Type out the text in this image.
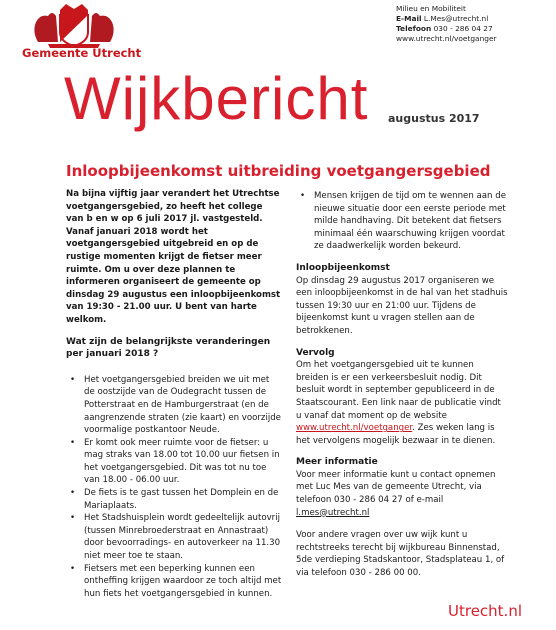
Gemeente Utrecht
Milieu en Mobiliteit
E-Mail L.Mes@utrecht.nl
Telefoon 030 - 286 04 27
www.utrecht.nl/voetganger
Wijkbericht augustus 2017
Inloopbijeenkomst uitbreiding voetgangersgebied

Na bijna vijftig jaar verandert het Utrechtse voetgangersgebied, zo heeft het college van b en w op 6 juli 2017 jl. vastgesteld. Vanaf januari 2018 wordt het voetgangersgebied uitgebreid en op de rustige momenten krijgt de fietser meer ruimte. Om u over deze plannen te informeren organiseert de gemeente op dinsdag 29 augustus een inloopbijeenkomst van 19:30 - 21.00 uur. U bent van harte welkom.

Wat zijn de belangrijkste veranderingen per januari 2018 ?

• Het voetgangersgebied breiden we uit met de oostzijde van de Oudegracht tussen de Potterstraat en de Hamburgerstraat (en de aangrenzende straten (zie kaart) en voorzijde voormalige postkantoor Neude.
• Er komt ook meer ruimte voor de fietser: u mag straks van 18.00 tot 10.00 uur fietsen in het voetgangersgebied. Dit was tot nu toe van 18.00 - 06.00 uur.
• De fiets is te gast tussen het Domplein en de Mariaplaats.
• Het Stadshuisplein wordt gedeeltelijk autovrij (tussen Minrebroederstraat en Annastraat) door bevoorradings- en autoverkeer na 11.30 niet meer toe te staan.
• Fietsers met een beperking kunnen een ontheffing krijgen waardoor ze toch altijd met hun fiets het voetgangersgebied in kunnen.
• Mensen krijgen de tijd om te wennen aan de nieuwe situatie door een eerste periode met milde handhaving. Dit betekent dat fietsers minimaal één waarschuwing krijgen voordat ze daadwerkelijk worden bekeurd.

Inloopbijeenkomst

Op dinsdag 29 augustus 2017 organiseren we een inloopbijeenkomst in de hal van het stadhuis tussen 19:30 uur en 21:00 uur. Tijdens de bijeenkomst kunt u vragen stellen aan de betrokkenen.

Vervolg

Om het voetgangersgebied uit te kunnen breiden is er een verkeersbesluit nodig. Dit besluit wordt in september gepubliceerd in de Staatscourant. Een link naar de publicatie vindt u vanaf dat moment op de website www.utrecht.nl/voetganger. Zes weken lang is het vervolgens mogelijk bezwaar in te dienen.

Meer informatie

Voor meer informatie kunt u contact opnemen met Luc Mes van de gemeente Utrecht, via telefoon 030 - 286 04 27 of e-mail

l.mes@utrecht.nl

Voor andere vragen over uw wijk kunt u rechtstreeks terecht bij wijkbureau Binnenstad, 5de verdieping Stadskantoor, Stadsplateau 1, of via telefoon 030 - 286 00 00.

Utrecht.nl
